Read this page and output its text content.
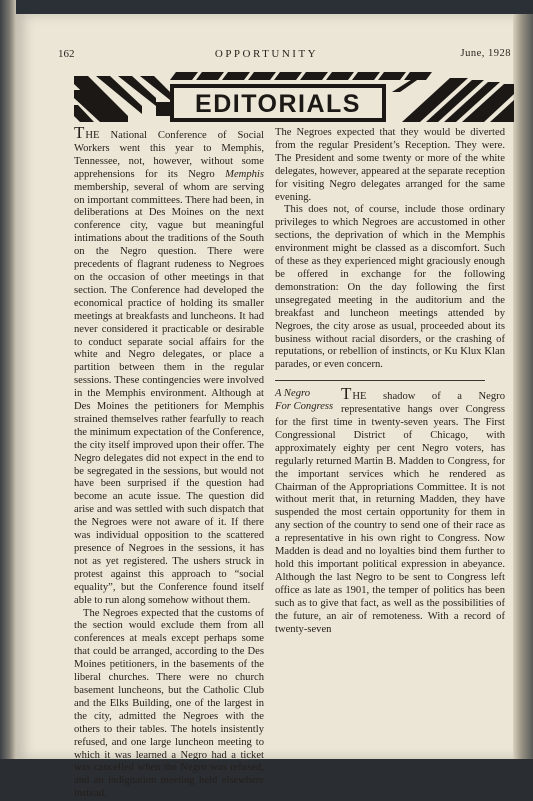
162	OPPORTUNITY	June, 1928
EDITORIALS

THE National Conference of Social Workers went this year to Memphis, Tennessee, not, however, without some apprehensions for its Negro Memphis membership, several of whom are serving on important committees. There had been, in deliberations at Des Moines on the next conference city, vague but meaningful intimations about the traditions of the South on the Negro question. There were precedents of flagrant rudeness to Negroes on the occasion of other meetings in that section. The Conference had developed the economical practice of holding its smaller meetings at breakfasts and luncheons. It had never considered it practicable or desirable to conduct separate social affairs for the white and Negro delegates, or place a partition between them in the regular sessions. These contingencies were involved in the Memphis environment. Although at Des Moines the petitioners for Memphis strained themselves rather fearfully to reach the minimum expectation of the Conference, the city itself improved upon their offer. The Negro delegates did not expect in the end to be segregated in the sessions, but would not have been surprised if the question had become an acute issue. The question did arise and was settled with such dispatch that the Negroes were not aware of it. If there was individual opposition to the scattered presence of Negroes in the sessions, it has not as yet registered. The ushers struck in protest against this approach to “social equality”, but the Conference found itself able to run along somehow without them.

The Negroes expected that the customs of the section would exclude them from all conferences at meals except perhaps some that could be arranged, according to the Des Moines petitioners, in the basements of the liberal churches. There were no church basement luncheons, but the Catholic Club and the Elks Building, one of the largest in the city, admitted the Negroes with the others to their tables. The hotels insistently refused, and one large luncheon meeting to which it was learned a Negro had a ticket was cancelled when the Negro was refused, and an indignation meeting held elsewhere instead.

The Negroes expected that they would be diverted from the regular President’s Reception. They were. The President and some twenty or more of the white delegates, however, appeared at the separate reception for visiting Negro delegates arranged for the same evening.

This does not, of course, include those ordinary privileges to which Negroes are accustomed in other sections, the deprivation of which in the Memphis environment might be classed as a discomfort. Such of these as they experienced might graciously enough be offered in exchange for the following demonstration: On the day following the first unsegregated meeting in the auditorium and the breakfast and luncheon meetings attended by Negroes, the city arose as usual, proceeded about its business without racial disorders, or the crashing of reputations, or rebellion of instincts, or Ku Klux Klan parades, or even concern.

T
A Negro
For Congress
HE shadow of a Negro representative hangs over Congress for the first time in twenty-seven years. The First Congressional District of Chicago, with approximately eighty per cent Negro voters, has regularly returned Martin B. Madden to Congress, for the important services which he rendered as Chairman of the Appropriations Committee. It is not without merit that, in returning Madden, they have suspended the most certain opportunity for them in any section of the country to send one of their race as a representative in his own right to Congress. Now Madden is dead and no loyalties bind them further to hold this important political expression in abeyance. Although the last Negro to be sent to Congress left office as late as 1901, the temper of politics has been such as to give that fact, as well as the possibilities of the future, an air of remoteness. With a record of twenty-seven
